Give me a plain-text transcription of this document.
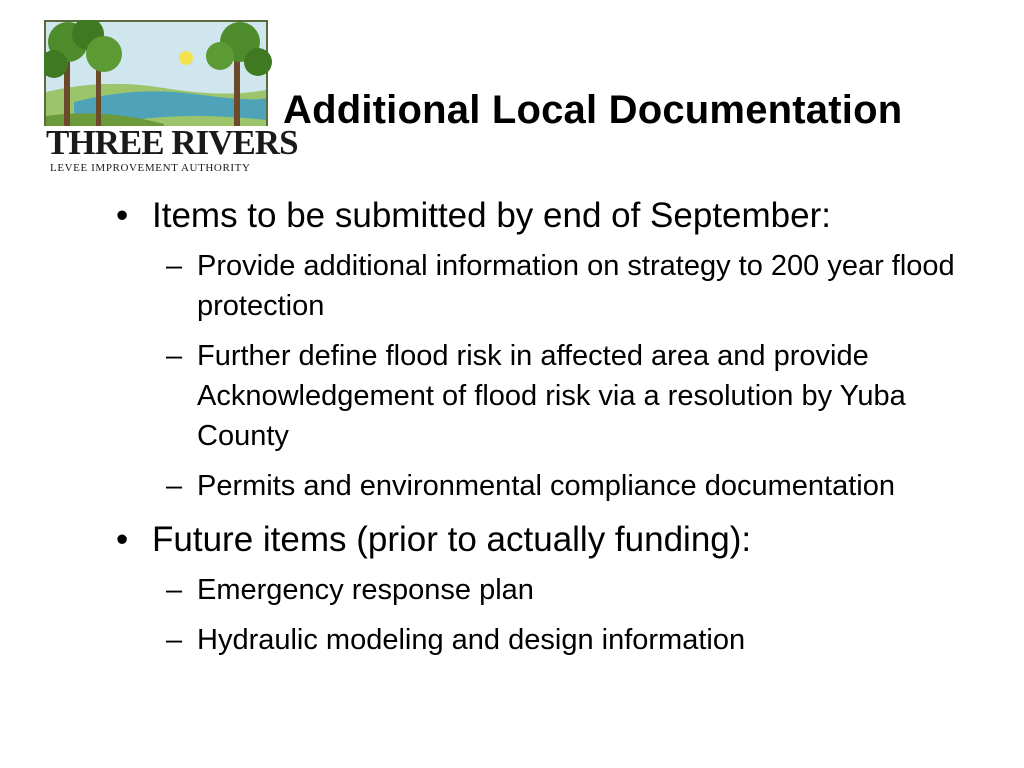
THREE RIVERS
LEVEE IMPROVEMENT AUTHORITY
Additional Local Documentation
• Items to be submitted by end of September:
– Provide additional information on strategy to 200 year flood protection
– Further define flood risk in affected area and provide Acknowledgement of flood risk via a resolution by Yuba County
– Permits and environmental compliance documentation
• Future items (prior to actually funding):
– Emergency response plan
– Hydraulic modeling and design information
